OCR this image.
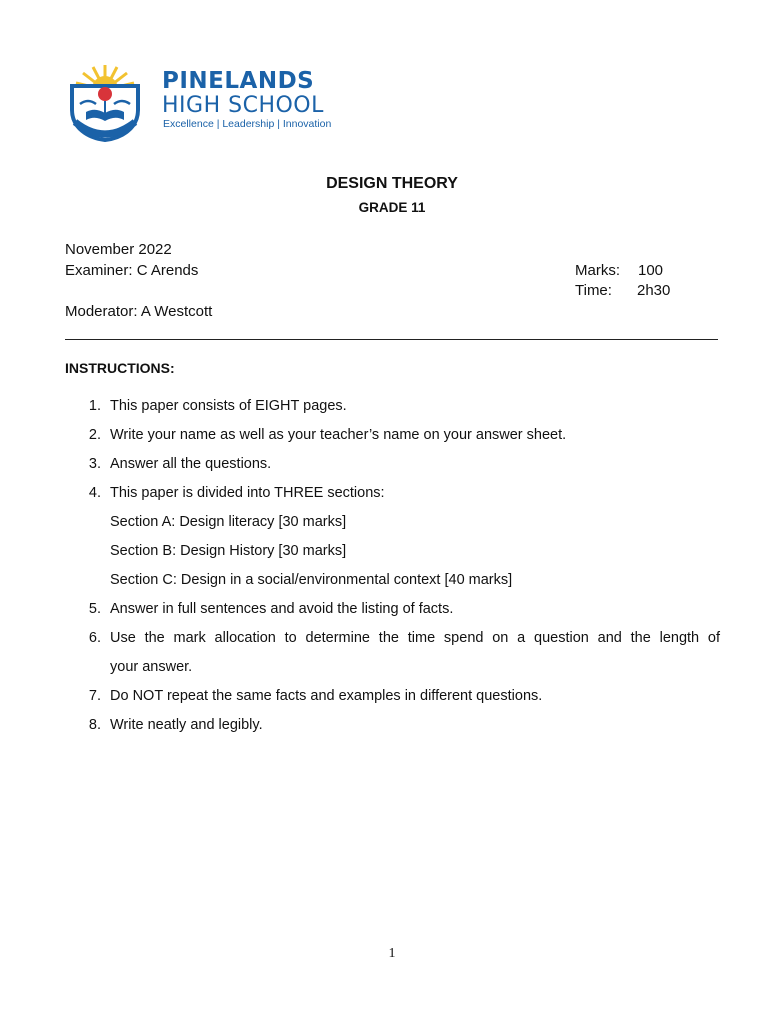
PINELANDS
HIGH SCHOOL
Excellence | Leadership | Innovation
DESIGN THEORY
GRADE 11
November 2022
Examiner: C Arends
Moderator: A Westcott
Marks: 100
Time: 2h30
INSTRUCTIONS:
1. This paper consists of EIGHT pages.
2. Write your name as well as your teacher’s name on your answer sheet.
3. Answer all the questions.
4. This paper is divided into THREE sections:
Section A: Design literacy [30 marks]
Section B: Design History [30 marks]
Section C: Design in a social/environmental context [40 marks]
5. Answer in full sentences and avoid the listing of facts.
6. Use the mark allocation to determine the time spend on a question and the length of
your answer.
7. Do NOT repeat the same facts and examples in different questions.
8. Write neatly and legibly.
1
